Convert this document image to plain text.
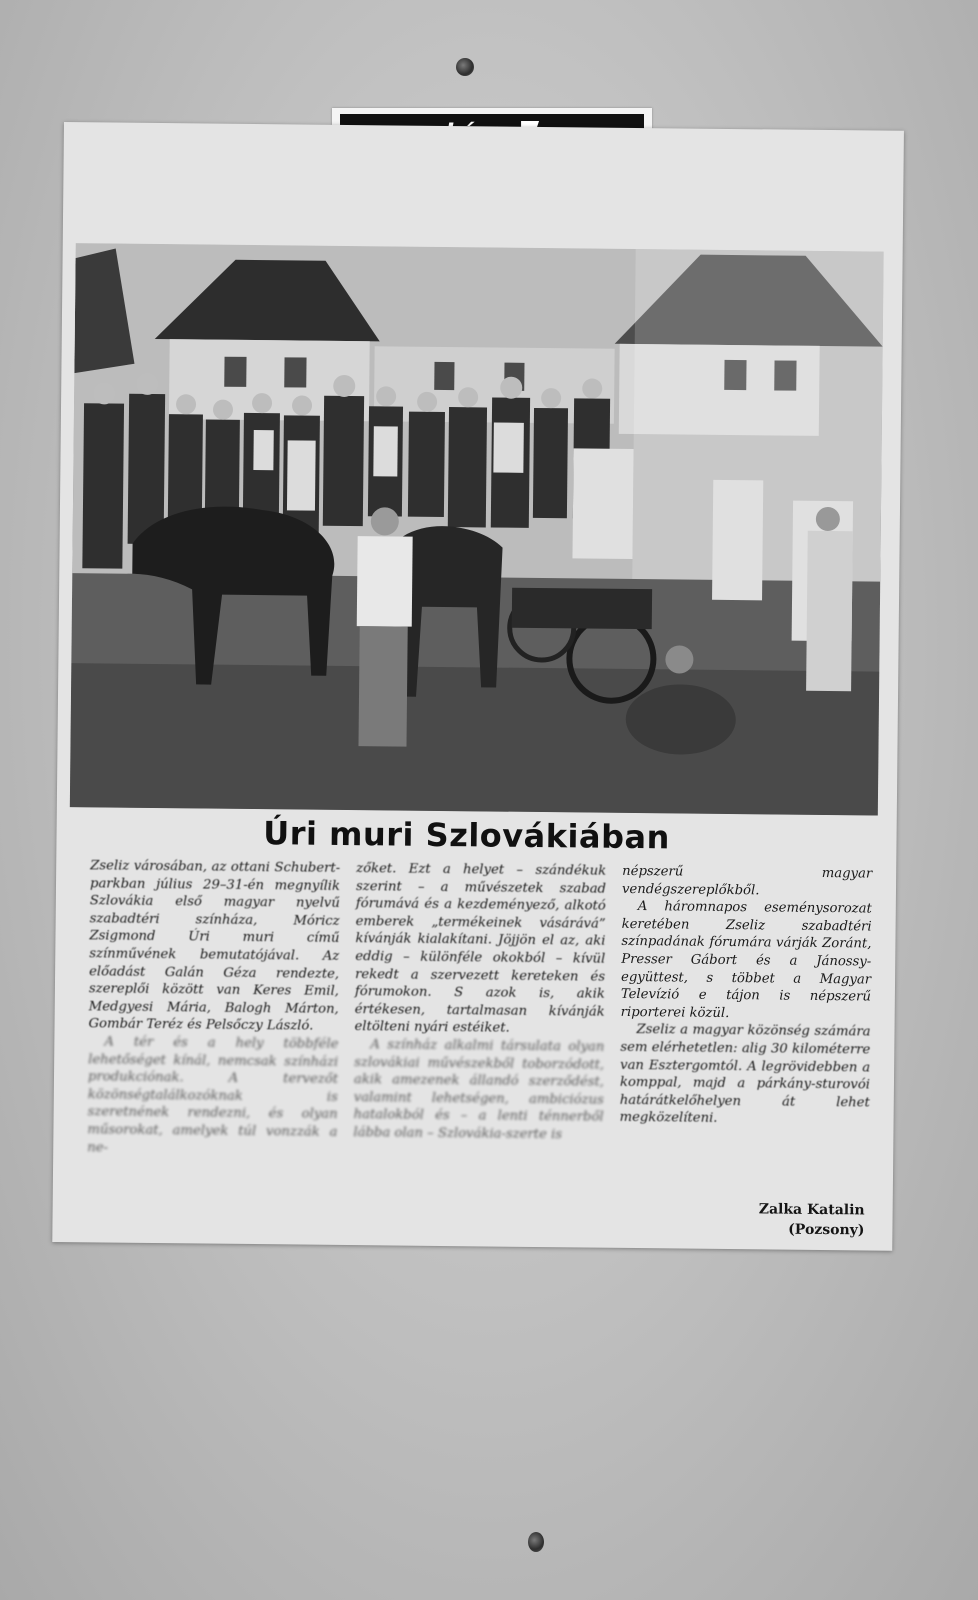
Úri muri Szlovákiában

Zseliz városában, az ottani Schubert-parkban július 29–31-én megnyílik Szlovákia első magyar nyelvű szabadtéri színháza, Móricz Zsigmond Úri muri című színművének bemutatójával. Az előadást Galán Géza rendezte, szereplői között van Keres Emil, Medgyesi Mária, Balogh Márton, Gombár Teréz és Pelsőczy László.

A tér és a hely többféle lehetőséget kínál, nemcsak színházi produkciónak. A tervezőt közönségtalálkozóknak is szeretnének rendezni, és olyan műsorokat, amelyek túl vonzzák a ne-

zőket. Ezt a helyet – szándékuk szerint – a művészetek szabad fórumává és a kezdeményező, alkotó emberek „termékeinek vásárává” kívánják kialakítani. Jöjjön el az, aki eddig – különféle okokból – kívül rekedt a szervezett kereteken és fórumokon. S azok is, akik értékesen, tartalmasan kívánják eltölteni nyári estéiket.

A színház alkalmi társulata olyan szlovákiai művészekből toborzódott, akik amezenek állandó szerződést, valamint lehetségen, ambiciózus hatalokból és – a lenti ténnerből lábba olan – Szlovákia-szerte is

népszerű magyar vendégszereplőkből.

A háromnapos eseménysorozat keretében Zseliz szabadtéri színpadának fórumára várják Zoránt, Presser Gábort és a Jánossy-együttest, s többet a Magyar Televízió e tájon is népszerű riporterei közül.

Zseliz a magyar közönség számára sem elérhetetlen: alig 30 kilométerre van Esztergomtól. A legrövidebben a komppal, majd a párkány-sturovói határátkelőhelyen át lehet megközelíteni.

Zalka Katalin
(Pozsony)
